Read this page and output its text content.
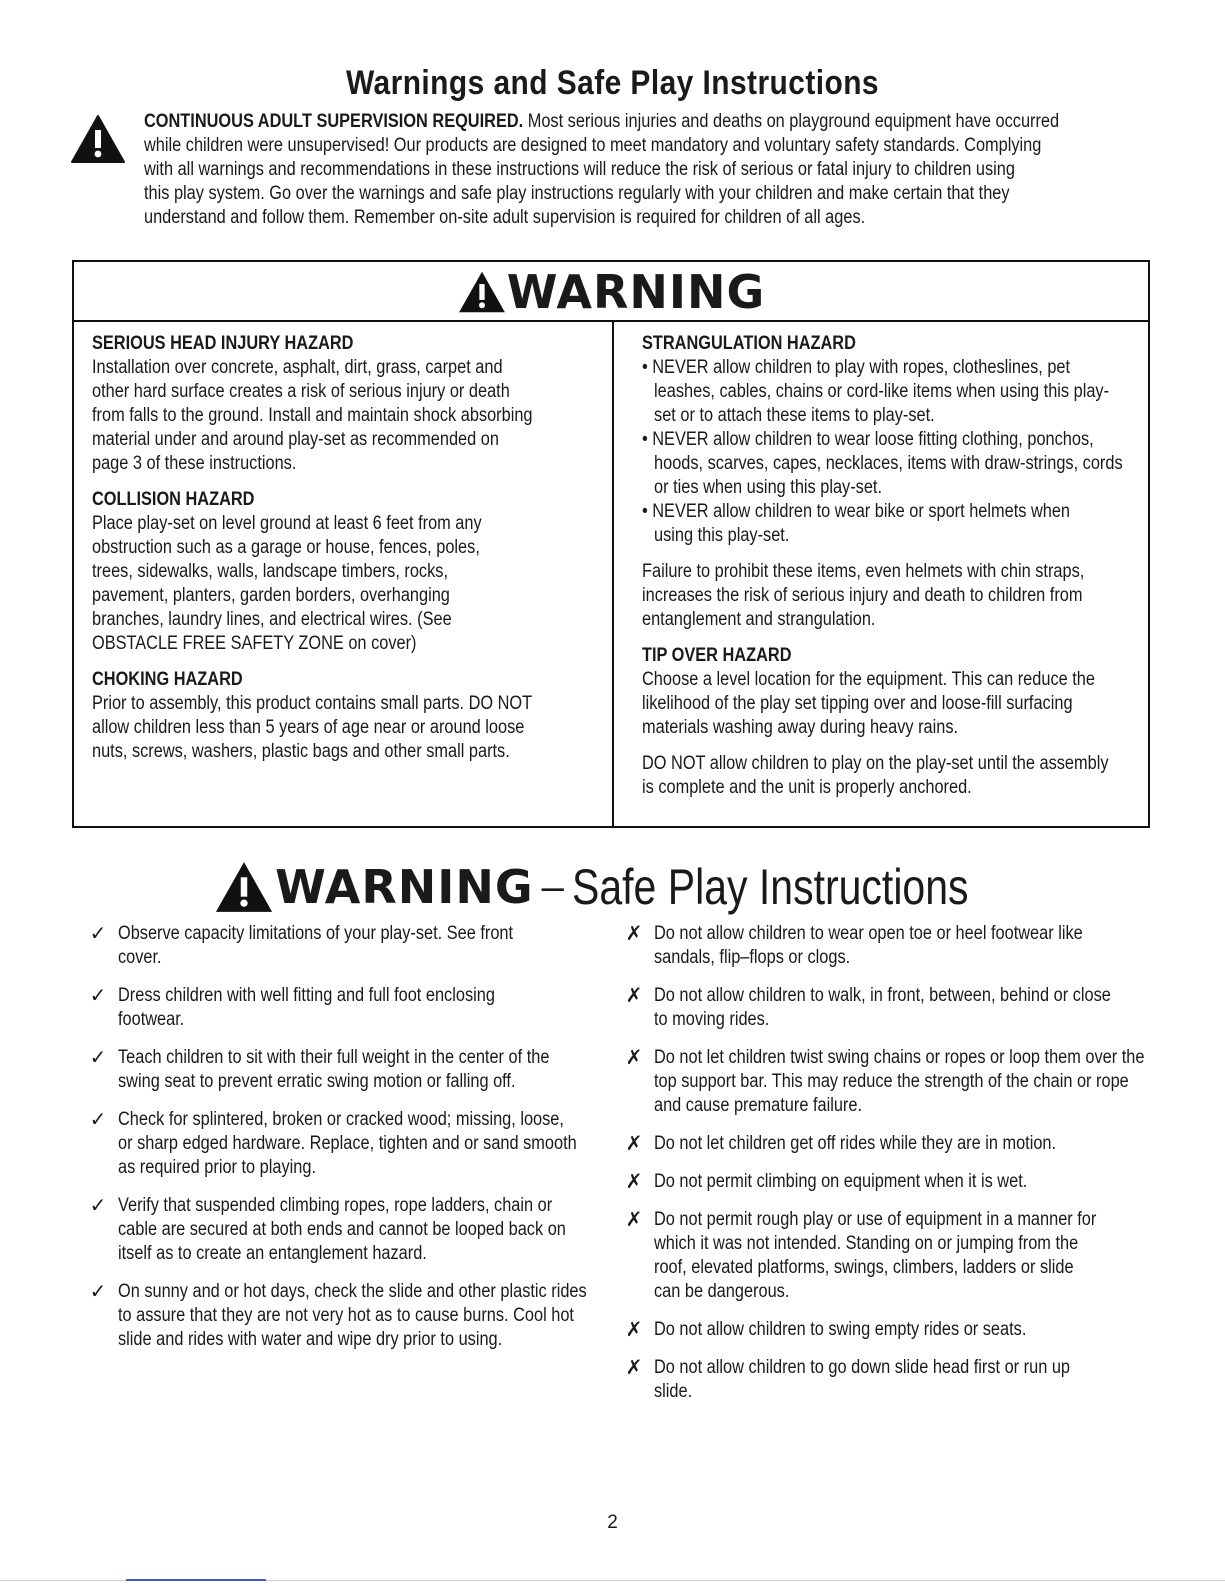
Warnings and Safe Play Instructions
CONTINUOUS ADULT SUPERVISION REQUIRED. Most serious injuries and deaths on playground equipment have occurred
while children were unsupervised! Our products are designed to meet mandatory and voluntary safety standards. Complying
with all warnings and recommendations in these instructions will reduce the risk of serious or fatal injury to children using
this play system. Go over the warnings and safe play instructions regularly with your children and make certain that they
understand and follow them. Remember on-site adult supervision is required for children of all ages.
WARNING

SERIOUS HEAD INJURY HAZARD

Installation over concrete, asphalt, dirt, grass, carpet and other hard surface creates a risk of serious injury or death from falls to the ground. Install and maintain shock absorbing material under and around play-set as recommended on page 3 of these instructions.

COLLISION HAZARD

Place play-set on level ground at least 6 feet from any obstruction such as a garage or house, fences, poles, trees, sidewalks, walls, landscape timbers, rocks, pavement, planters, garden borders, overhanging branches, laundry lines, and electrical wires. (See OBSTACLE FREE SAFETY ZONE on cover)

CHOKING HAZARD

Prior to assembly, this product contains small parts. DO NOT allow children less than 5 years of age near or around loose nuts, screws, washers, plastic bags and other small parts.

STRANGULATION HAZARD

• NEVER allow children to play with ropes, clotheslines, pet leashes, cables, chains or cord-like items when using this play-set or to attach these items to play-set.

• NEVER allow children to wear loose fitting clothing, ponchos, hoods, scarves, capes, necklaces, items with draw-strings, cords or ties when using this play-set.

• NEVER allow children to wear bike or sport helmets when using this play-set.

Failure to prohibit these items, even helmets with chin straps, increases the risk of serious injury and death to children from entanglement and strangulation.

TIP OVER HAZARD

Choose a level location for the equipment. This can reduce the likelihood of the play set tipping over and loose-fill surfacing materials washing away during heavy rains.

DO NOT allow children to play on the play-set until the assembly is complete and the unit is properly anchored.

WARNING – Safe Play Instructions
✓ Observe capacity limitations of your play-set. See front cover.
✓ Dress children with well fitting and full foot enclosing footwear.
✓ Teach children to sit with their full weight in the center of the swing seat to prevent erratic swing motion or falling off.
✓ Check for splintered, broken or cracked wood; missing, loose, or sharp edged hardware. Replace, tighten and or sand smooth as required prior to playing.
✓ Verify that suspended climbing ropes, rope ladders, chain or cable are secured at both ends and cannot be looped back on itself as to create an entanglement hazard.
✓ On sunny and or hot days, check the slide and other plastic rides to assure that they are not very hot as to cause burns. Cool hot slide and rides with water and wipe dry prior to using.
✗ Do not allow children to wear open toe or heel footwear like sandals, flip–flops or clogs.
✗ Do not allow children to walk, in front, between, behind or close to moving rides.
✗ Do not let children twist swing chains or ropes or loop them over the top support bar. This may reduce the strength of the chain or rope and cause premature failure.
✗ Do not let children get off rides while they are in motion.
✗ Do not permit climbing on equipment when it is wet.
✗ Do not permit rough play or use of equipment in a manner for which it was not intended. Standing on or jumping from the roof, elevated platforms, swings, climbers, ladders or slide can be dangerous.
✗ Do not allow children to swing empty rides or seats.
✗ Do not allow children to go down slide head first or run up slide.
2
